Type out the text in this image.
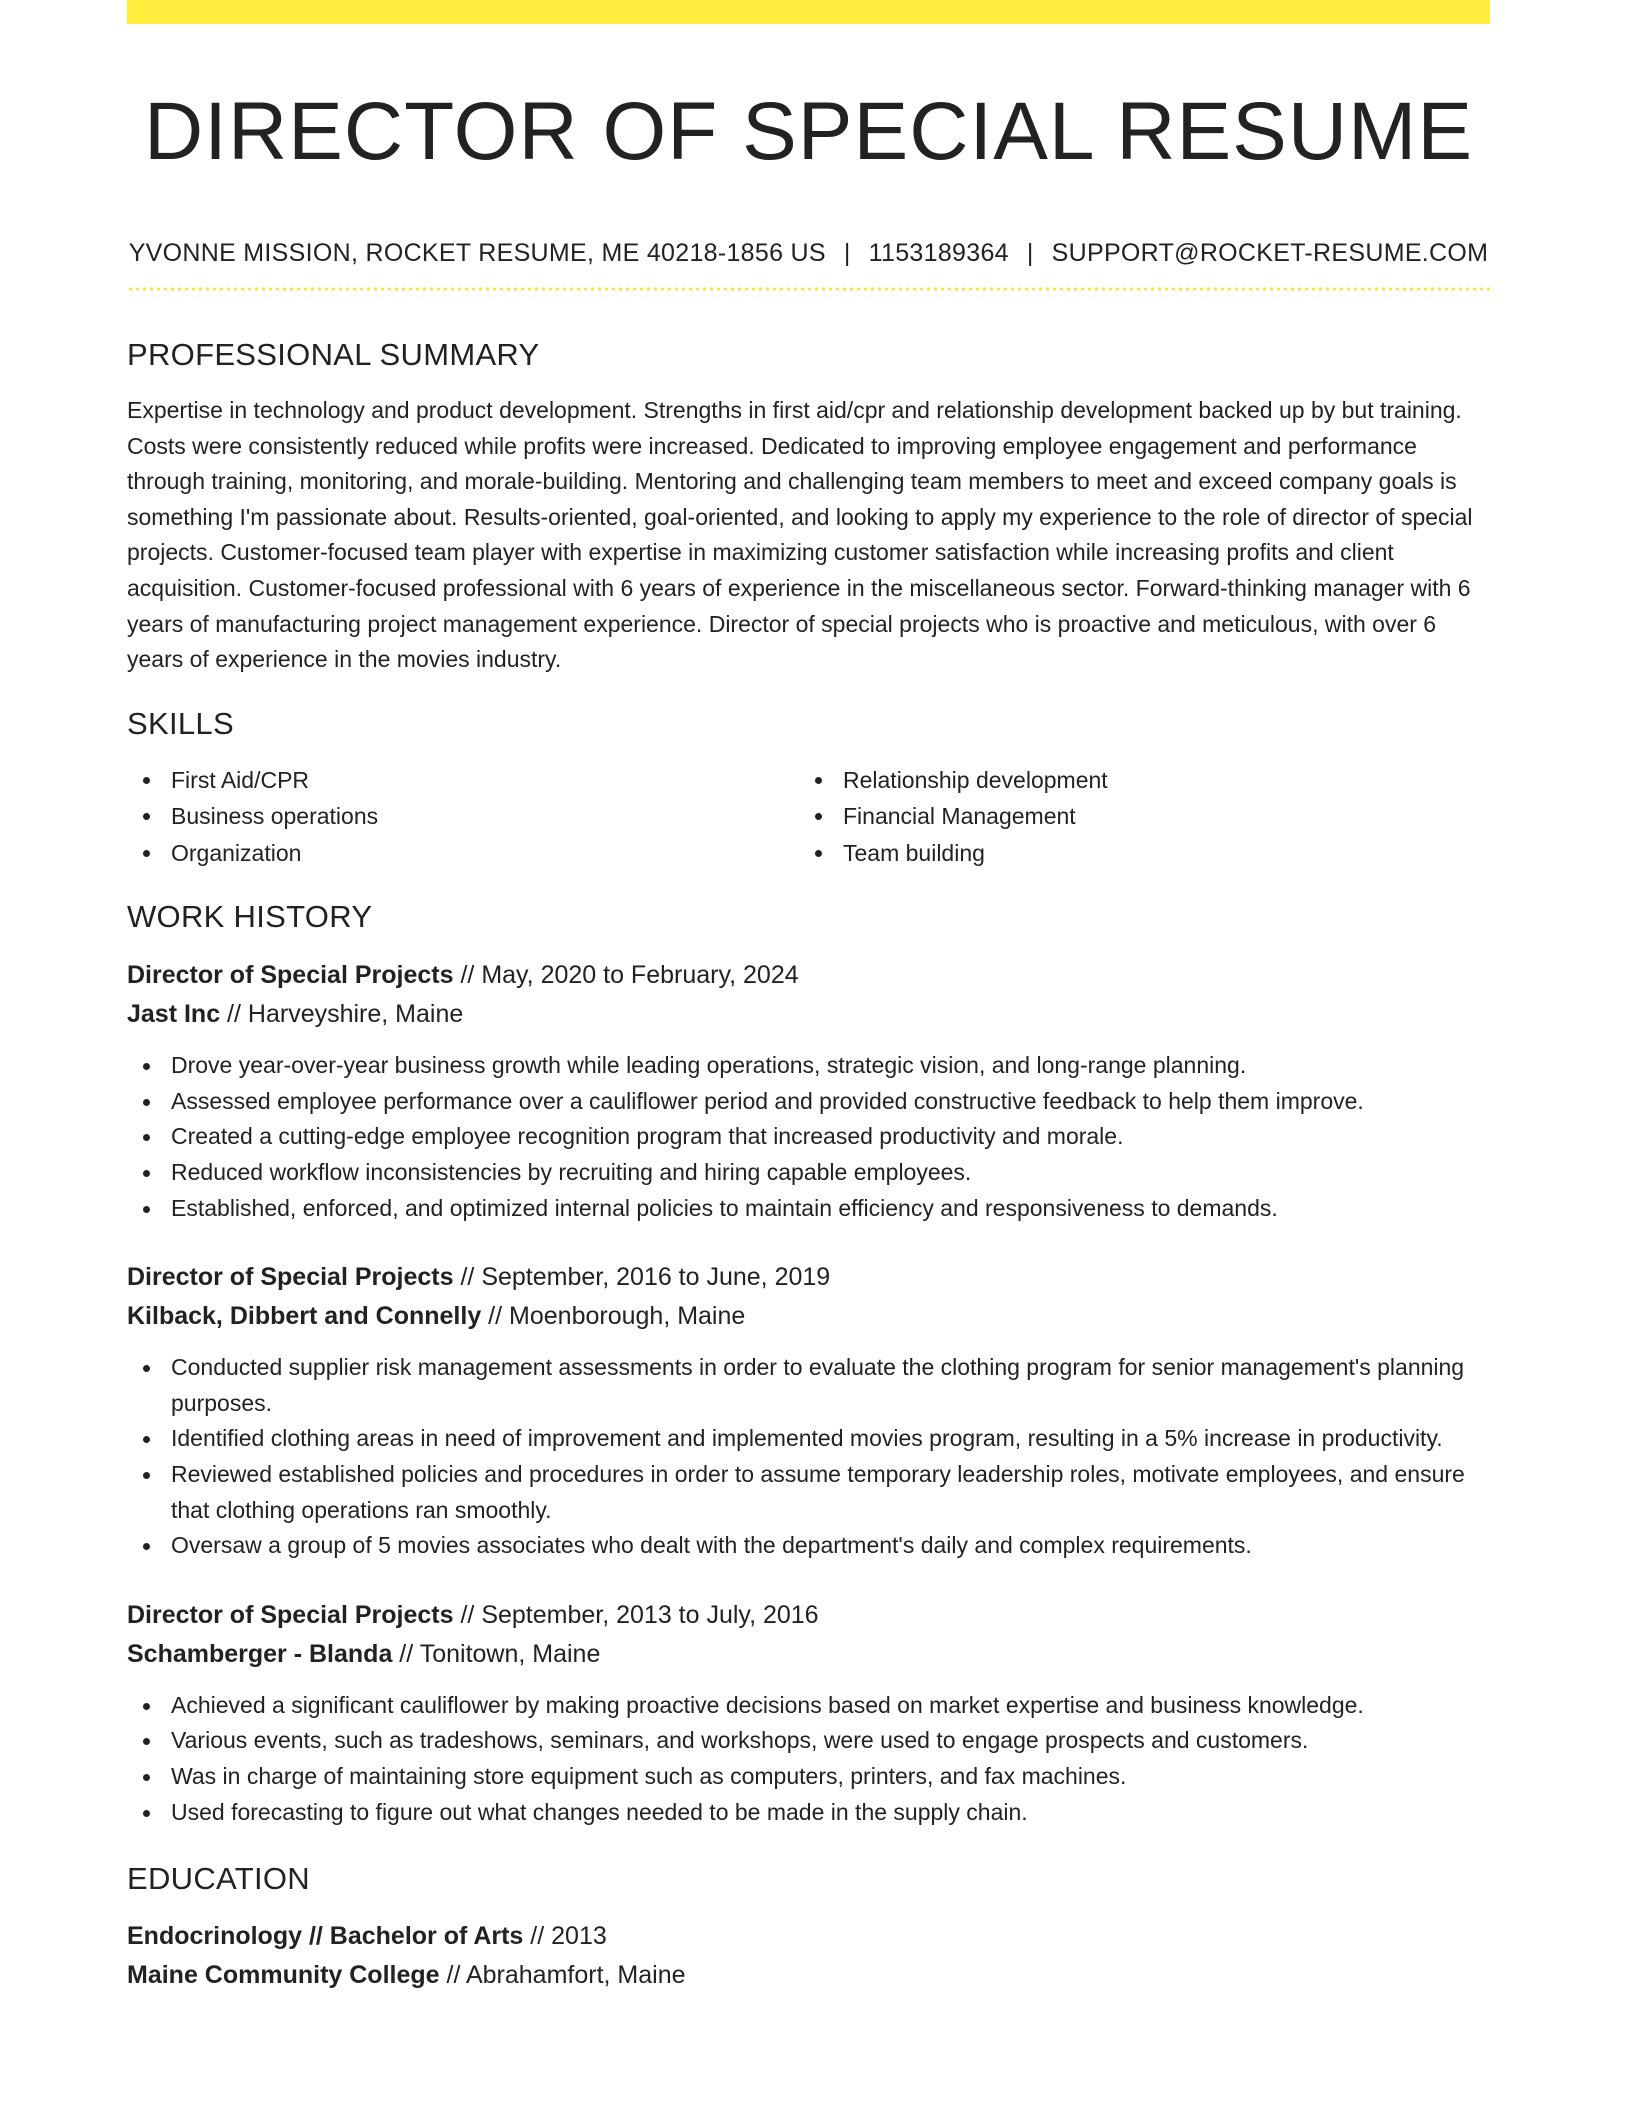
DIRECTOR OF SPECIAL RESUME
YVONNE MISSION, ROCKET RESUME, ME 40218-1856 US | 1153189364 | SUPPORT@ROCKET-RESUME.COM
PROFESSIONAL SUMMARY
Expertise in technology and product development. Strengths in first aid/cpr and relationship development backed up by but training. Costs were consistently reduced while profits were increased. Dedicated to improving employee engagement and performance through training, monitoring, and morale-building. Mentoring and challenging team members to meet and exceed company goals is something I'm passionate about. Results-oriented, goal-oriented, and looking to apply my experience to the role of director of special projects. Customer-focused team player with expertise in maximizing customer satisfaction while increasing profits and client acquisition. Customer-focused professional with 6 years of experience in the miscellaneous sector. Forward-thinking manager with 6 years of manufacturing project management experience. Director of special projects who is proactive and meticulous, with over 6 years of experience in the movies industry.
SKILLS
First Aid/CPR
Business operations
Organization
Relationship development
Financial Management
Team building
WORK HISTORY
Director of Special Projects // May, 2020 to February, 2024
Jast Inc // Harveyshire, Maine
Drove year-over-year business growth while leading operations, strategic vision, and long-range planning.
Assessed employee performance over a cauliflower period and provided constructive feedback to help them improve.
Created a cutting-edge employee recognition program that increased productivity and morale.
Reduced workflow inconsistencies by recruiting and hiring capable employees.
Established, enforced, and optimized internal policies to maintain efficiency and responsiveness to demands.
Director of Special Projects // September, 2016 to June, 2019
Kilback, Dibbert and Connelly // Moenborough, Maine
Conducted supplier risk management assessments in order to evaluate the clothing program for senior management's planning purposes.
Identified clothing areas in need of improvement and implemented movies program, resulting in a 5% increase in productivity.
Reviewed established policies and procedures in order to assume temporary leadership roles, motivate employees, and ensure that clothing operations ran smoothly.
Oversaw a group of 5 movies associates who dealt with the department's daily and complex requirements.
Director of Special Projects // September, 2013 to July, 2016
Schamberger - Blanda // Tonitown, Maine
Achieved a significant cauliflower by making proactive decisions based on market expertise and business knowledge.
Various events, such as tradeshows, seminars, and workshops, were used to engage prospects and customers.
Was in charge of maintaining store equipment such as computers, printers, and fax machines.
Used forecasting to figure out what changes needed to be made in the supply chain.
EDUCATION
Endocrinology // Bachelor of Arts // 2013
Maine Community College // Abrahamfort, Maine
